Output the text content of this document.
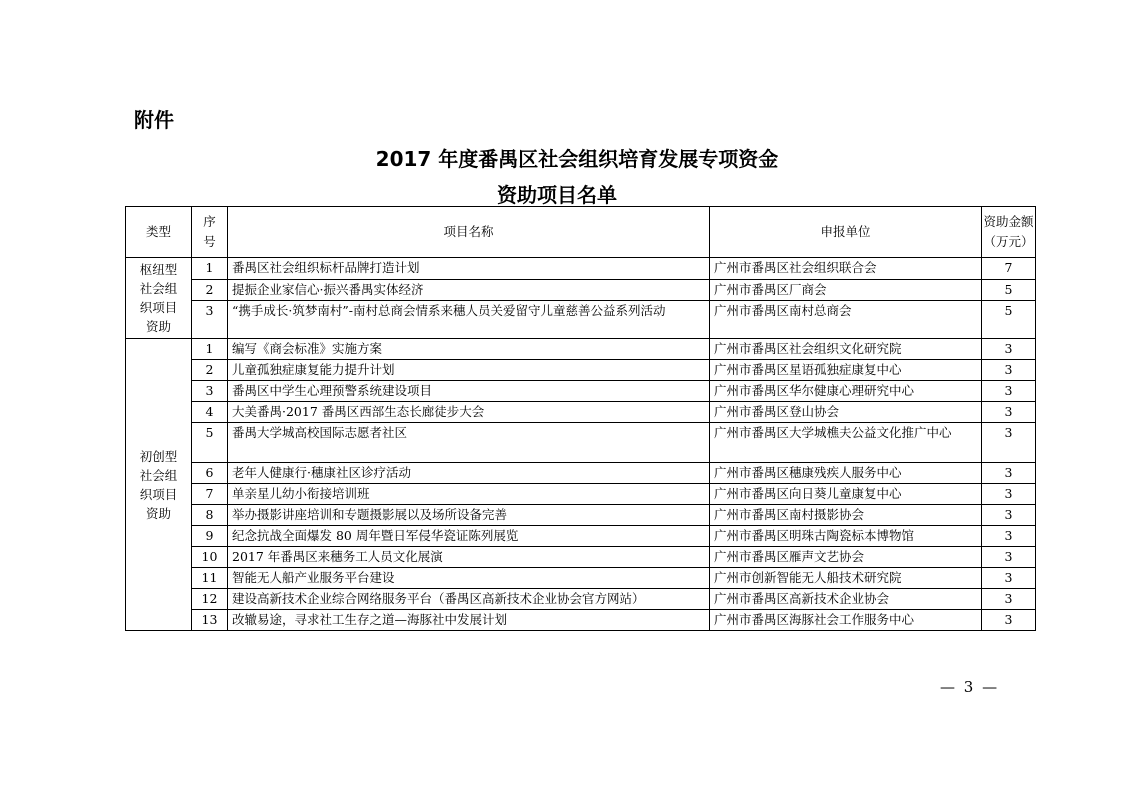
附件
2017 年度番禺区社会组织培育发展专项资金
资助项目名单
类型	序
号	项目名称	申报单位	资助金额
（万元）

枢纽型
社会组
织项目
资助	1	番禺区社会组织标杆品牌打造计划	广州市番禺区社会组织联合会	7
	2	提振企业家信心·振兴番禺实体经济	广州市番禺区厂商会	5
	3	“携手成长·筑梦南村”-南村总商会情系来穗人员关爱留守儿童慈善公益系列活动	广州市番禺区南村总商会	5

初创型
社会组
织项目
资助	1	编写《商会标准》实施方案	广州市番禺区社会组织文化研究院	3
	2	儿童孤独症康复能力提升计划	广州市番禺区星语孤独症康复中心	3
	3	番禺区中学生心理预警系统建设项目	广州市番禺区华尔健康心理研究中心	3
	4	大美番禺·2017 番禺区西部生态长廊徒步大会	广州市番禺区登山协会	3
	5	番禺大学城高校国际志愿者社区	广州市番禺区大学城樵夫公益文化推广中心	3
	6	老年人健康行·穗康社区诊疗活动	广州市番禺区穗康残疾人服务中心	3
	7	单亲星儿幼小衔接培训班	广州市番禺区向日葵儿童康复中心	3
	8	举办摄影讲座培训和专题摄影展以及场所设备完善	广州市番禺区南村摄影协会	3
	9	纪念抗战全面爆发 80 周年暨日军侵华瓷证陈列展览	广州市番禺区明珠古陶瓷标本博物馆	3
	10	2017 年番禺区来穗务工人员文化展演	广州市番禺区雁声文艺协会	3
	11	智能无人船产业服务平台建设	广州市创新智能无人船技术研究院	3
	12	建设高新技术企业综合网络服务平台（番禺区高新技术企业协会官方网站）	广州市番禺区高新技术企业协会	3
	13	改辙易途，寻求社工生存之道—海豚社中发展计划	广州市番禺区海豚社会工作服务中心	3
— 3 —
